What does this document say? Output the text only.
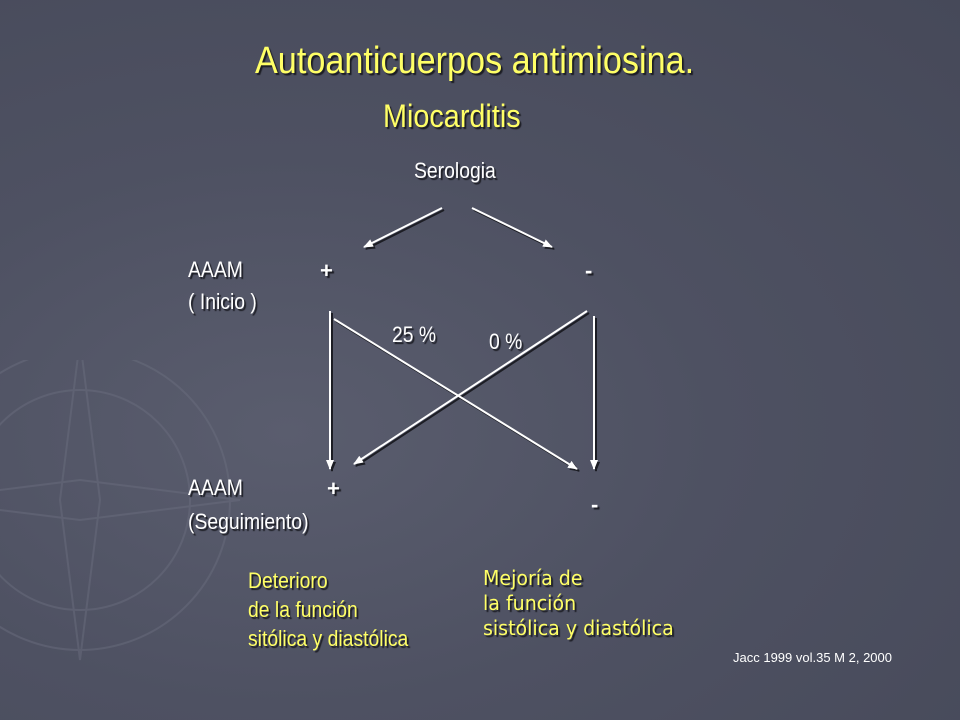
Autoanticuerpos antimiosina.
Miocarditis
Serologia
AAAM
( Inicio )
+	-
25 % 0 %
AAAM
(Seguimiento)
+
-
Deterioro
de la función
sitólica y diastólica
Mejoría de
la función
sistólica y diastólica
Jacc 1999 vol.35 M 2, 2000
